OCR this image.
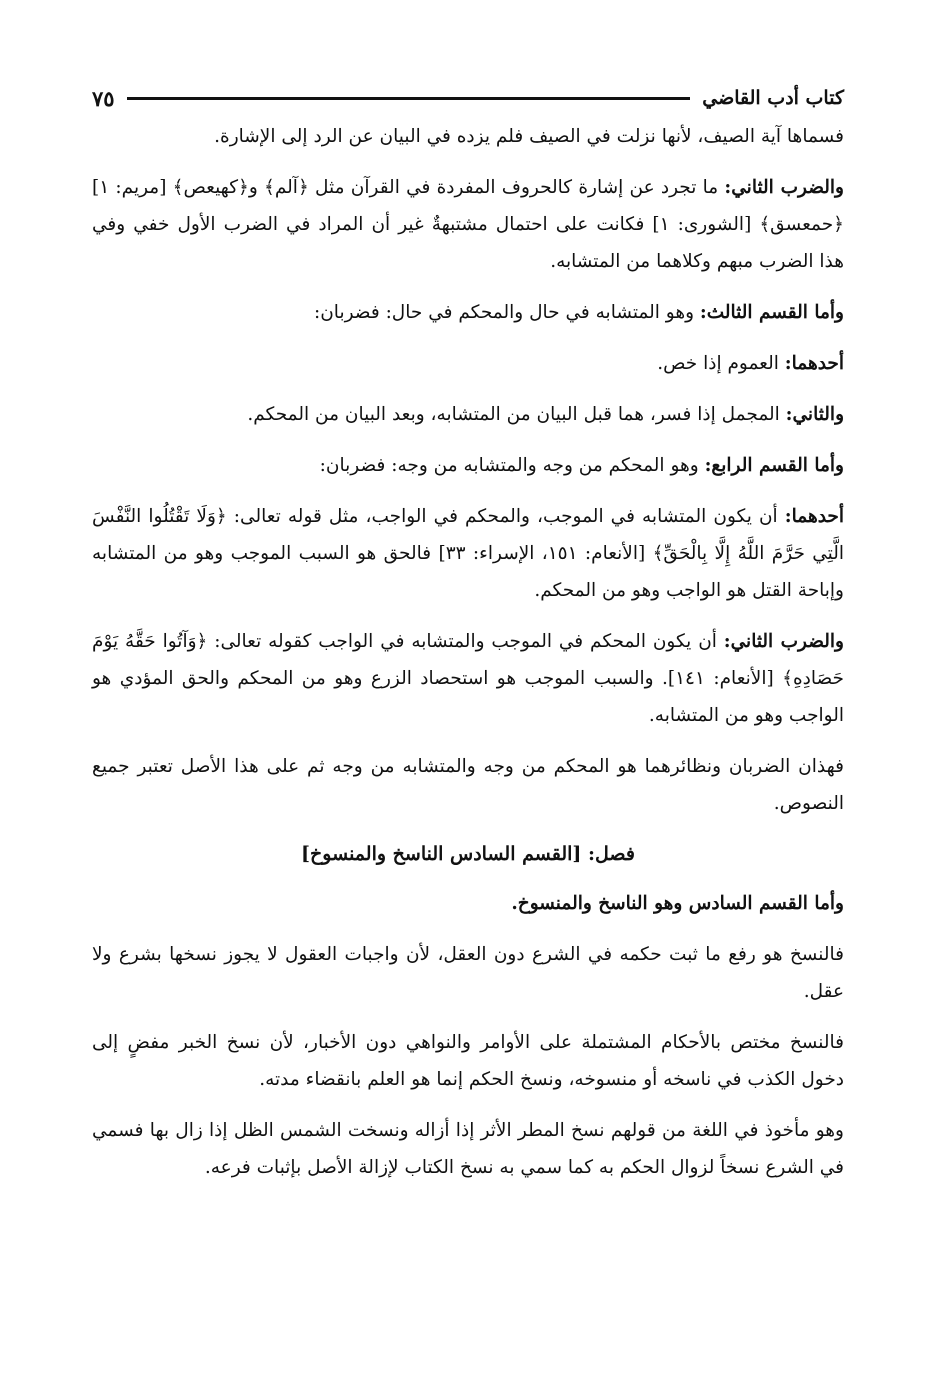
كتاب أدب القاضي
٧٥

فسماها آية الصيف، لأنها نزلت في الصيف فلم يزده في البيان عن الرد إلى الإشارة.

والضرب الثاني: ما تجرد عن إشارة كالحروف المفردة في القرآن مثل ﴿آلم﴾ و﴿كهيعص﴾ [مريم: ١] ﴿حمعسق﴾ [الشورى: ١] فكانت على احتمال مشتبهةٌ غير أن المراد في الضرب الأول خفي وفي هذا الضرب مبهم وكلاهما من المتشابه.

وأما القسم الثالث: وهو المتشابه في حال والمحكم في حال: فضربان:

أحدهما: العموم إذا خص.

والثاني: المجمل إذا فسر، هما قبل البيان من المتشابه، وبعد البيان من المحكم.

وأما القسم الرابع: وهو المحكم من وجه والمتشابه من وجه: فضربان:

أحدهما: أن يكون المتشابه في الموجب، والمحكم في الواجب، مثل قوله تعالى: ﴿وَلَا تَقْتُلُوا النَّفْسَ الَّتِي حَرَّمَ اللَّهُ إِلَّا بِالْحَقِّ﴾ [الأنعام: ١٥١، الإسراء: ٣٣] فالحق هو السبب الموجب وهو من المتشابه وإباحة القتل هو الواجب وهو من المحكم.

والضرب الثاني: أن يكون المحكم في الموجب والمتشابه في الواجب كقوله تعالى: ﴿وَآتُوا حَقَّهُ يَوْمَ حَصَادِهِ﴾ [الأنعام: ١٤١]. والسبب الموجب هو استحصاد الزرع وهو من المحكم والحق المؤدي هو الواجب وهو من المتشابه.

فهذان الضربان ونظائرهما هو المحكم من وجه والمتشابه من وجه ثم على هذا الأصل تعتبر جميع النصوص.

فصل: [القسم السادس الناسخ والمنسوخ]

وأما القسم السادس وهو الناسخ والمنسوخ.

فالنسخ هو رفع ما ثبت حكمه في الشرع دون العقل، لأن واجبات العقول لا يجوز نسخها بشرع ولا عقل.

فالنسخ مختص بالأحكام المشتملة على الأوامر والنواهي دون الأخبار، لأن نسخ الخبر مفضٍ إلى دخول الكذب في ناسخه أو منسوخه، ونسخ الحكم إنما هو العلم بانقضاء مدته.

وهو مأخوذ في اللغة من قولهم نسخ المطر الأثر إذا أزاله ونسخت الشمس الظل إذا زال بها فسمي في الشرع نسخاً لزوال الحكم به كما سمي به نسخ الكتاب لإزالة الأصل بإثبات فرعه.
